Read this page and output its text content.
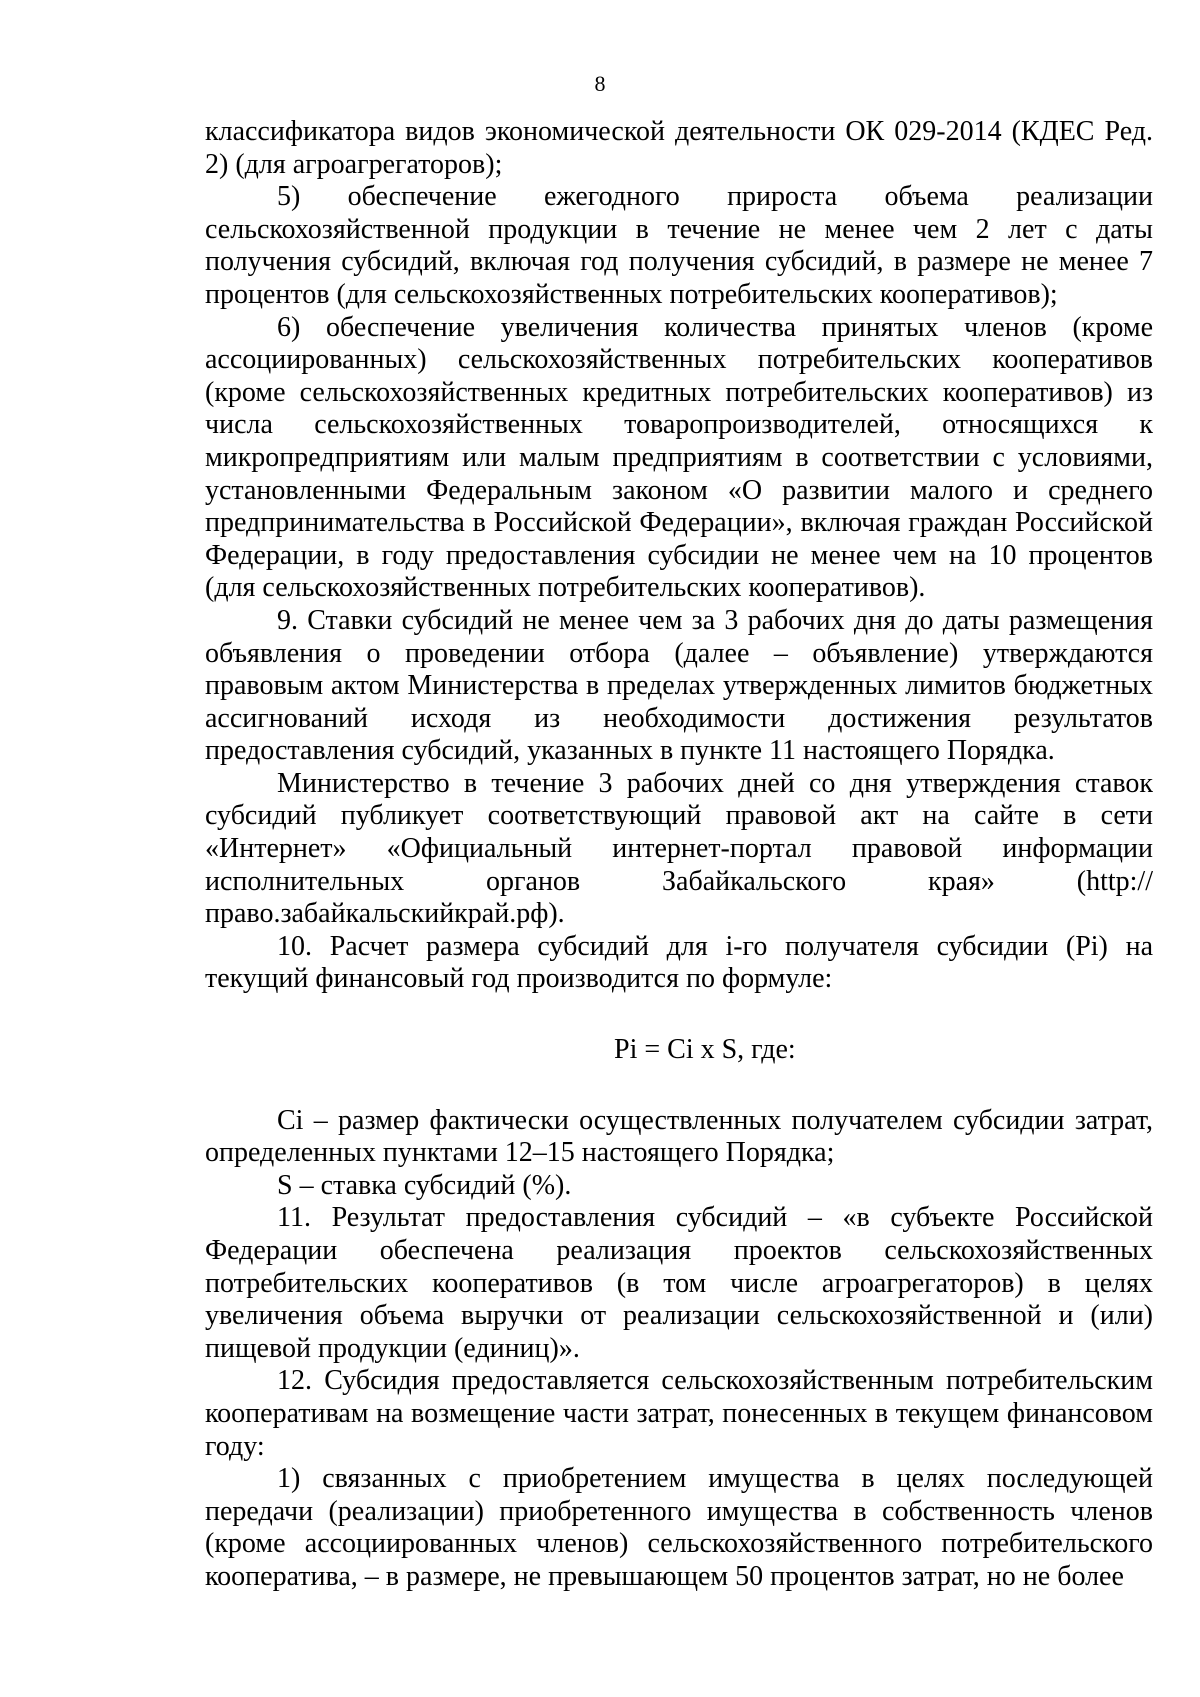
8

классификатора видов экономической деятельности ОК 029-2014 (КДЕС Ред. 2) (для агроагрегаторов);

5) обеспечение ежегодного прироста объема реализации сельскохозяйственной продукции в течение не менее чем 2 лет с даты получения субсидий, включая год получения субсидий, в размере не менее 7 процентов (для сельскохозяйственных потребительских кооперативов);

6) обеспечение увеличения количества принятых членов (кроме ассоциированных) сельскохозяйственных потребительских кооперативов (кроме сельскохозяйственных кредитных потребительских кооперативов) из числа сельскохозяйственных товаропроизводителей, относящихся к микропредприятиям или малым предприятиям в соответствии с условиями, установленными Федеральным законом «О развитии малого и среднего предпринимательства в Российской Федерации», включая граждан Российской Федерации, в году предоставления субсидии не менее чем на 10 процентов (для сельскохозяйственных потребительских кооперативов).

9. Ставки субсидий не менее чем за 3 рабочих дня до даты размещения объявления о проведении отбора (далее – объявление) утверждаются правовым актом Министерства в пределах утвержденных лимитов бюджетных ассигнований исходя из необходимости достижения результатов предоставления субсидий, указанных в пункте 11 настоящего Порядка.

Министерство в течение 3 рабочих дней со дня утверждения ставок субсидий публикует соответствующий правовой акт на сайте в сети «Интернет» «Официальный интернет-портал правовой информации исполнительных органов Забайкальского края» (http://право.забайкальскийкрай.рф).

10. Расчет размера субсидий для i-го получателя субсидии (Pi) на текущий финансовый год производится по формуле:

Pi = Ci x S, где:

Ci – размер фактически осуществленных получателем субсидии затрат, определенных пунктами 12–15 настоящего Порядка;

S – ставка субсидий (%).

11. Результат предоставления субсидий – «в субъекте Российской Федерации обеспечена реализация проектов сельскохозяйственных потребительских кооперативов (в том числе агроагрегаторов) в целях увеличения объема выручки от реализации сельскохозяйственной и (или) пищевой продукции (единиц)».

12. Субсидия предоставляется сельскохозяйственным потребительским кооперативам на возмещение части затрат, понесенных в текущем финансовом году:

1) связанных с приобретением имущества в целях последующей передачи (реализации) приобретенного имущества в собственность членов (кроме ассоциированных членов) сельскохозяйственного потребительского кооператива, – в размере, не превышающем 50 процентов затрат, но не более
